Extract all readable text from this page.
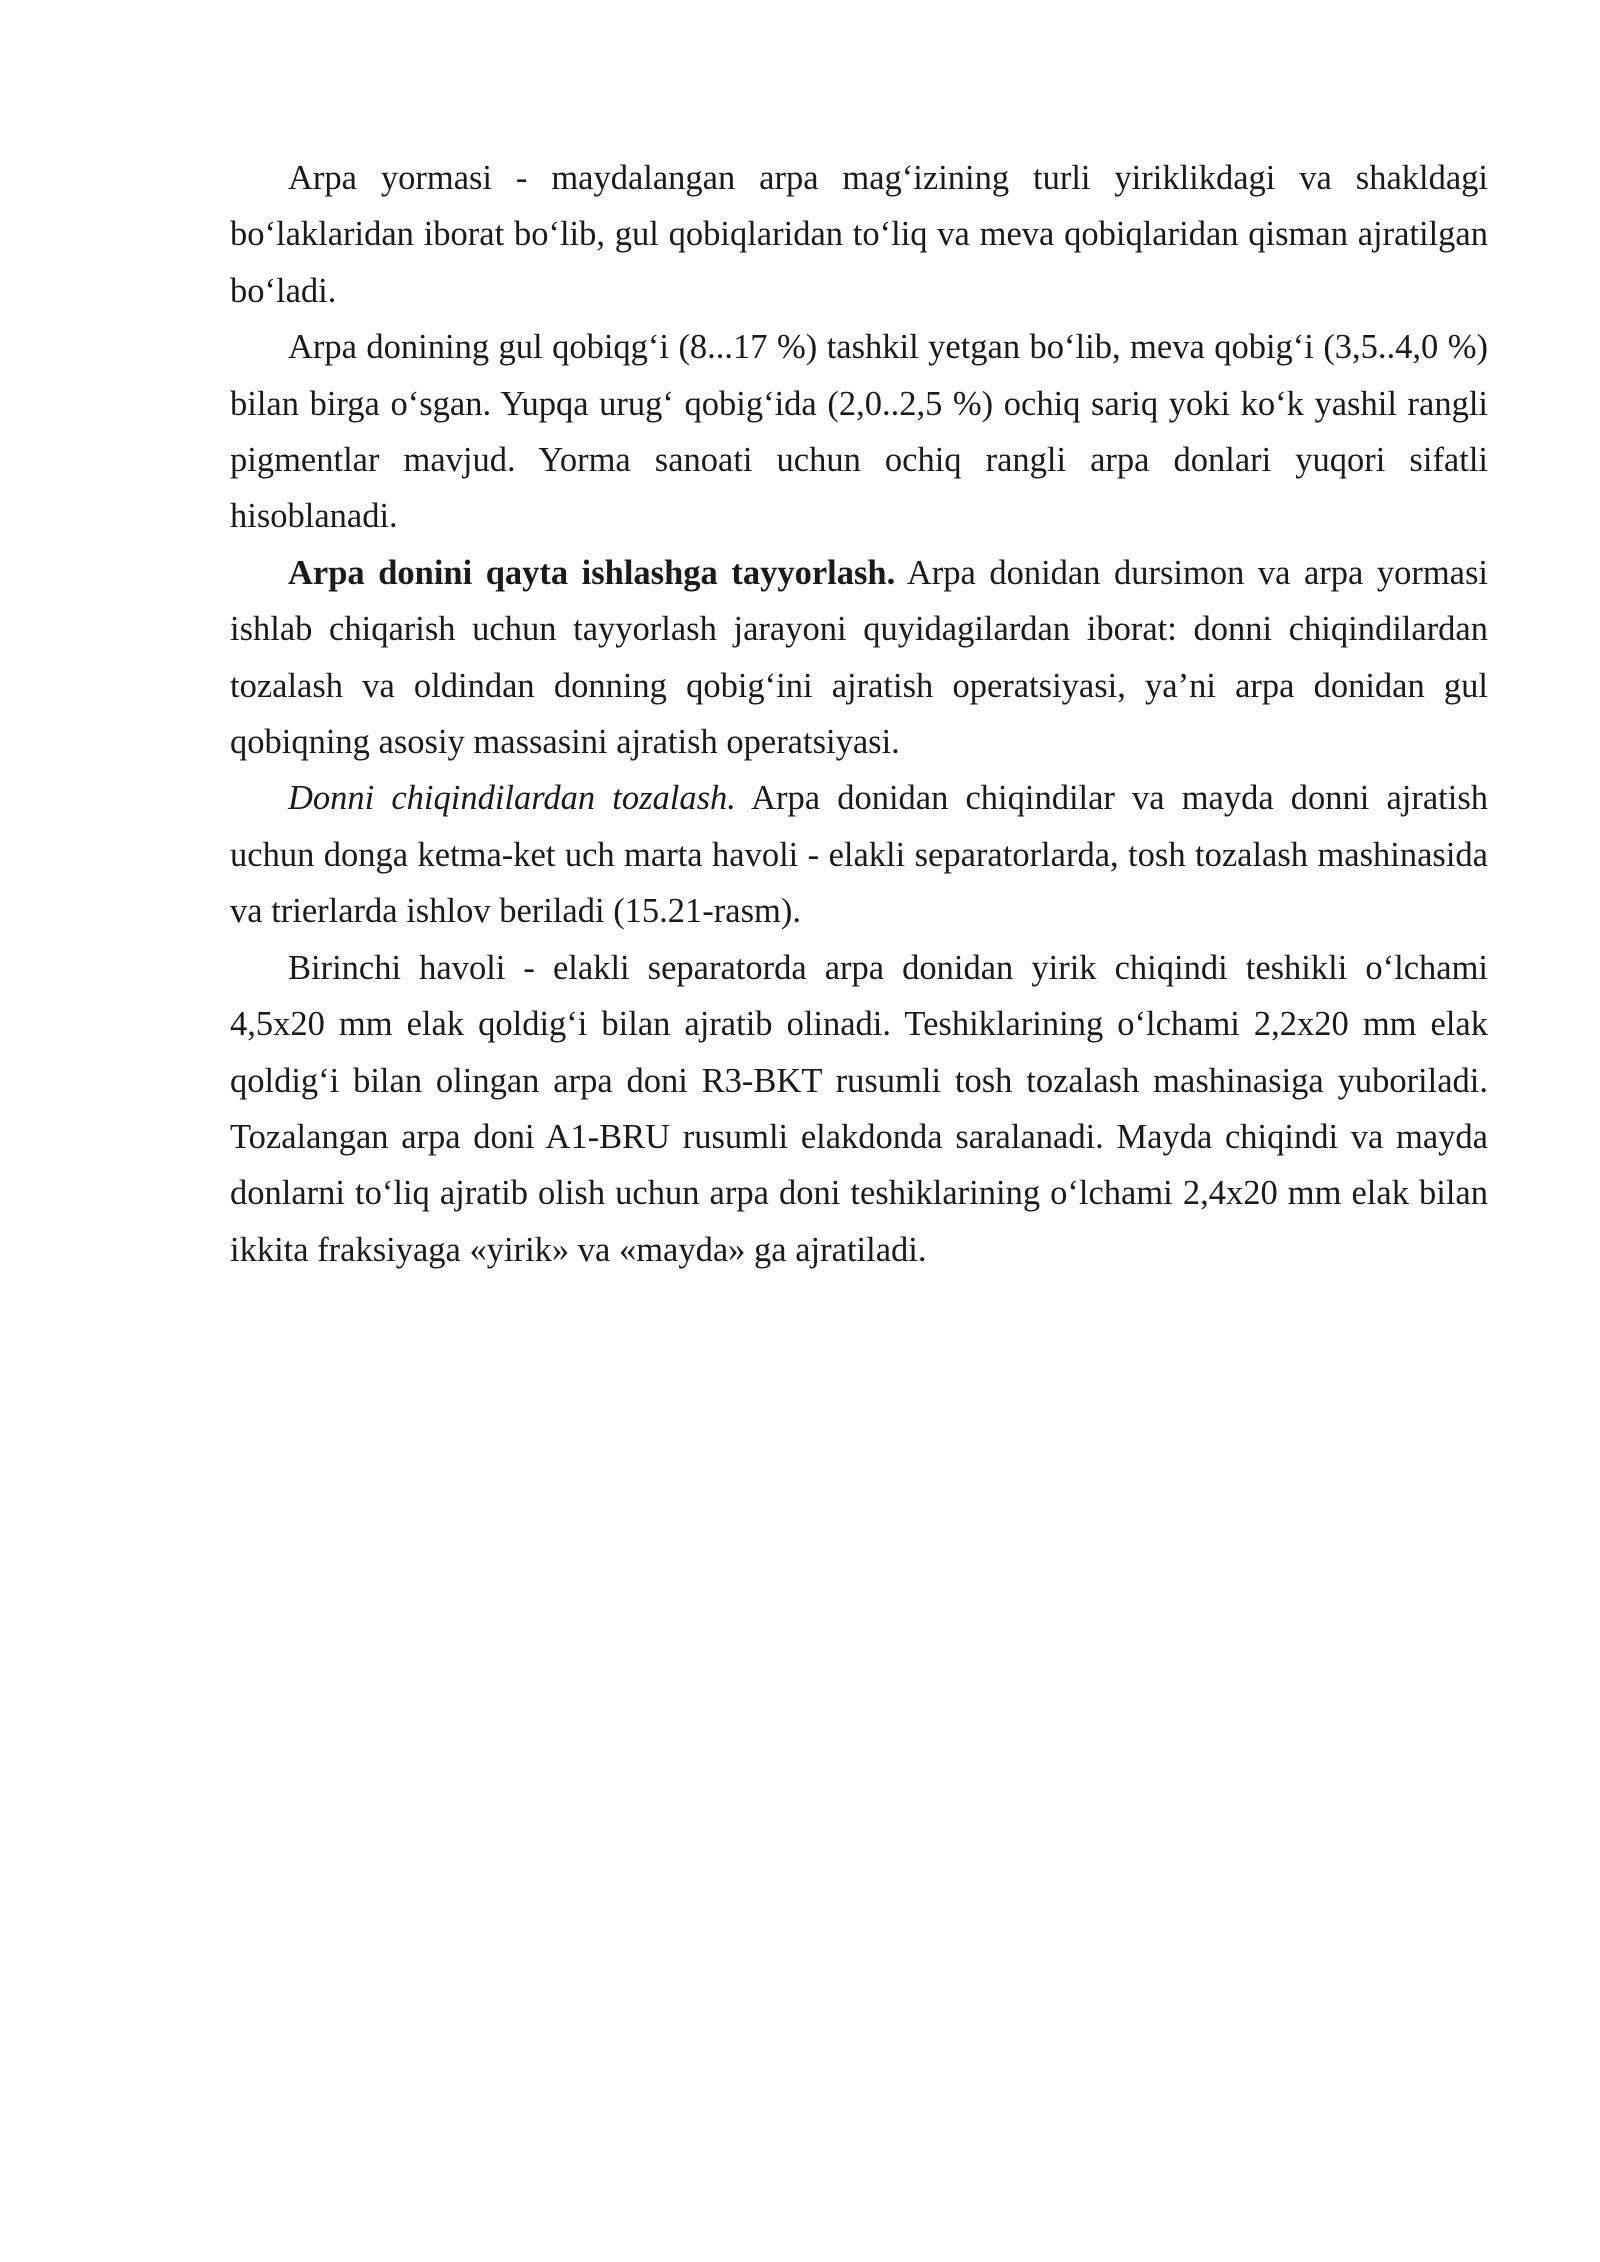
Arpa yormasi - maydalangan arpa mag‘izining turli yiriklikdagi va shakldagi bo‘laklaridan iborat bo‘lib, gul qobiqlaridan to‘liq va meva qobiqlaridan qisman ajratilgan bo‘ladi.

Arpa donining gul qobiqg‘i (8...17 %) tashkil yetgan bo‘lib, meva qobig‘i (3,5..4,0 %) bilan birga o‘sgan. Yupqa urug‘ qobig‘ida (2,0..2,5 %) ochiq sariq yoki ko‘k yashil rangli pigmentlar mavjud. Yorma sanoati uchun ochiq rangli arpa donlari yuqori sifatli hisoblanadi.

Arpa donini qayta ishlashga tayyorlash. Arpa donidan dursimon va arpa yormasi ishlab chiqarish uchun tayyorlash jarayoni quyidagilardan iborat: donni chiqindilardan tozalash va oldindan donning qobig‘ini ajratish operatsiyasi, ya’ni arpa donidan gul qobiqning asosiy massasini ajratish operatsiyasi.

Donni chiqindilardan tozalash. Arpa donidan chiqindilar va mayda donni ajratish uchun donga ketma-ket uch marta havoli - elakli separatorlarda, tosh tozalash mashinasida va trierlarda ishlov beriladi (15.21-rasm).

Birinchi havoli - elakli separatorda arpa donidan yirik chiqindi teshikli o‘lchami 4,5x20 mm elak qoldig‘i bilan ajratib olinadi. Teshiklarining o‘lchami 2,2x20 mm elak qoldig‘i bilan olingan arpa doni R3-BKT rusumli tosh tozalash mashinasiga yuboriladi. Tozalangan arpa doni A1-BRU rusumli elakdonda saralanadi. Mayda chiqindi va mayda donlarni to‘liq ajratib olish uchun arpa doni teshiklarining o‘lchami 2,4x20 mm elak bilan ikkita fraksiyaga «yirik» va «mayda» ga ajratiladi.
